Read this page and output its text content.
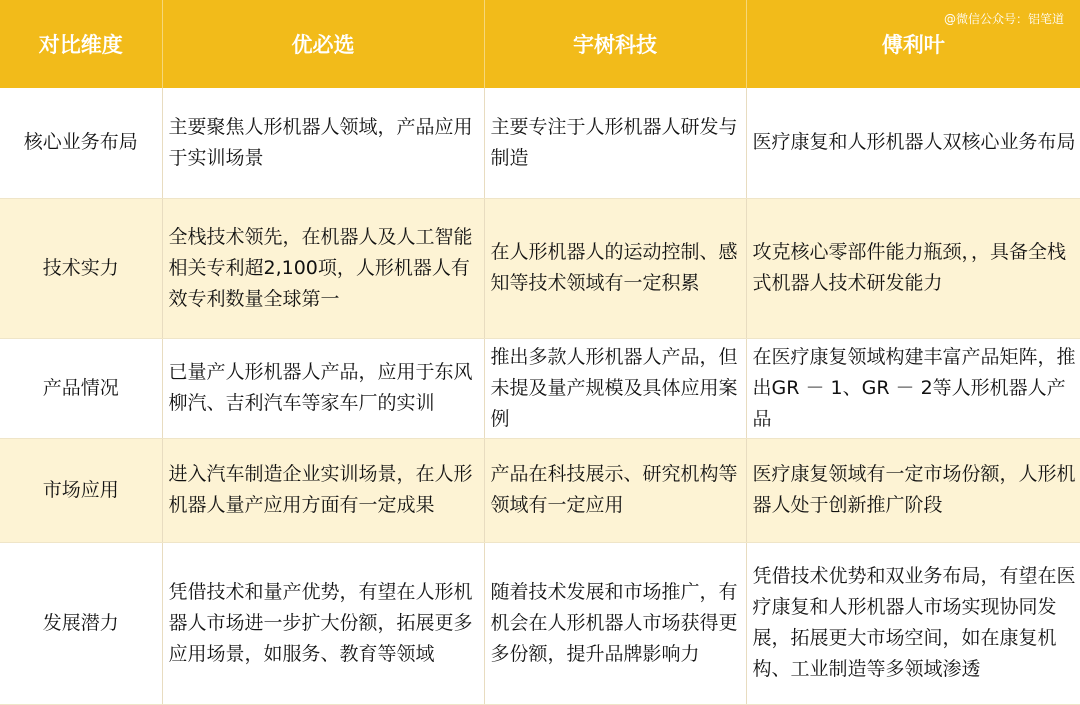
对比维度	优必选	宇树科技	傅利叶
核心业务布局	主要聚焦人形机器人领域，产品应用于实训场景	主要专注于人形机器人研发与制造	医疗康复和人形机器人双核心业务布局
技术实力	全栈技术领先，在机器人及人工智能相关专利超2,100项，人形机器人有效专利数量全球第一	在人形机器人的运动控制、感知等技术领域有一定积累	攻克核心零部件能力瓶颈，，具备全栈式机器人技术研发能力
产品情况	已量产人形机器人产品，应用于东风柳汽、吉利汽车等家车厂的实训	推出多款人形机器人产品，但未提及量产规模及具体应用案例	在医疗康复领域构建丰富产品矩阵，推出GR － 1、GR － 2等人形机器人产品
市场应用	进入汽车制造企业实训场景，在人形机器人量产应用方面有一定成果	产品在科技展示、研究机构等领域有一定应用	医疗康复领域有一定市场份额，人形机器人处于创新推广阶段
发展潜力	凭借技术和量产优势，有望在人形机器人市场进一步扩大份额，拓展更多应用场景，如服务、教育等领域	随着技术发展和市场推广，有机会在人形机器人市场获得更多份额，提升品牌影响力	凭借技术优势和双业务布局，有望在医疗康复和人形机器人市场实现协同发展，拓展更大市场空间，如在康复机构、工业制造等多领域渗透
@微信公众号：铝笔道
